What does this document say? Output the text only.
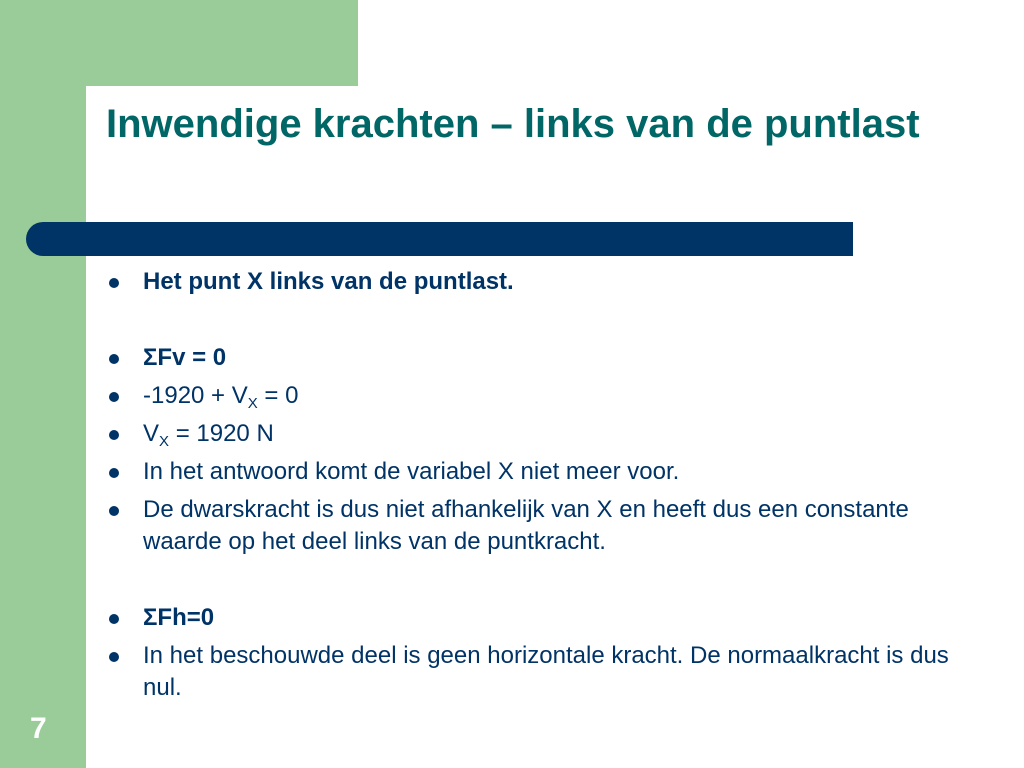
Inwendige krachten – links van de puntlast
Het punt X links van de puntlast.
ΣFv = 0
$-1920 + V_X = 0$
$V_X = 1920$ N
In het antwoord komt de variabel X niet meer voor.
De dwarskracht is dus niet afhankelijk van X en heeft dus een constante waarde op het deel links van de puntkracht.
ΣFh=0
In het beschouwde deel is geen horizontale kracht. De normaalkracht is dus nul.
7
